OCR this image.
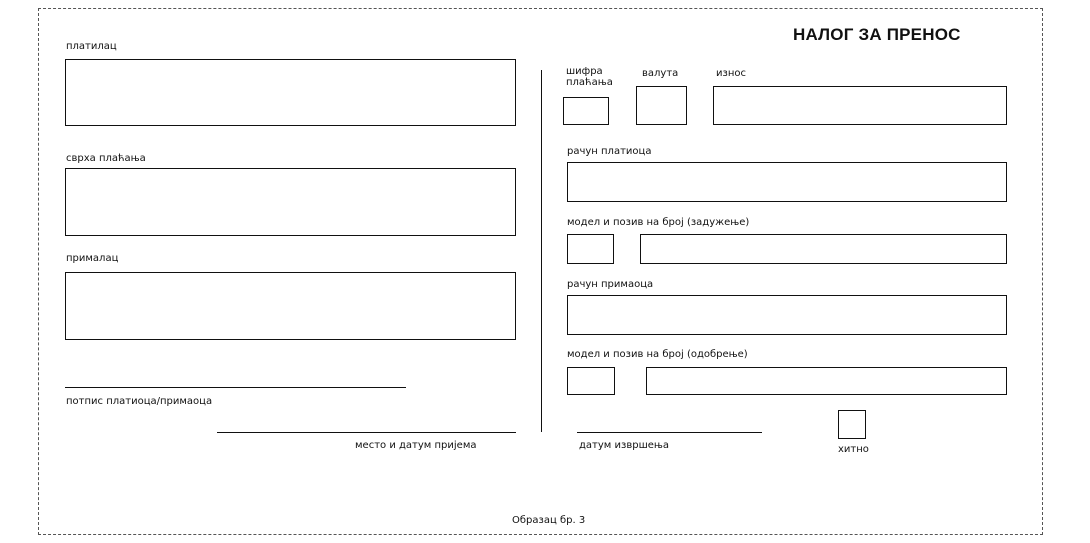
НАЛОГ ЗА ПРЕНОС
платилац
сврха плаћања
прималац
потпис платиоца/примаоца
место и датум пријема
шифра плаћања
валута	износ
рачун платиоца
модел и позив на број (задужење)
рачун примаоца
модел и позив на број (одобрење)
датум извршења	хитно
Образац бр. 3
